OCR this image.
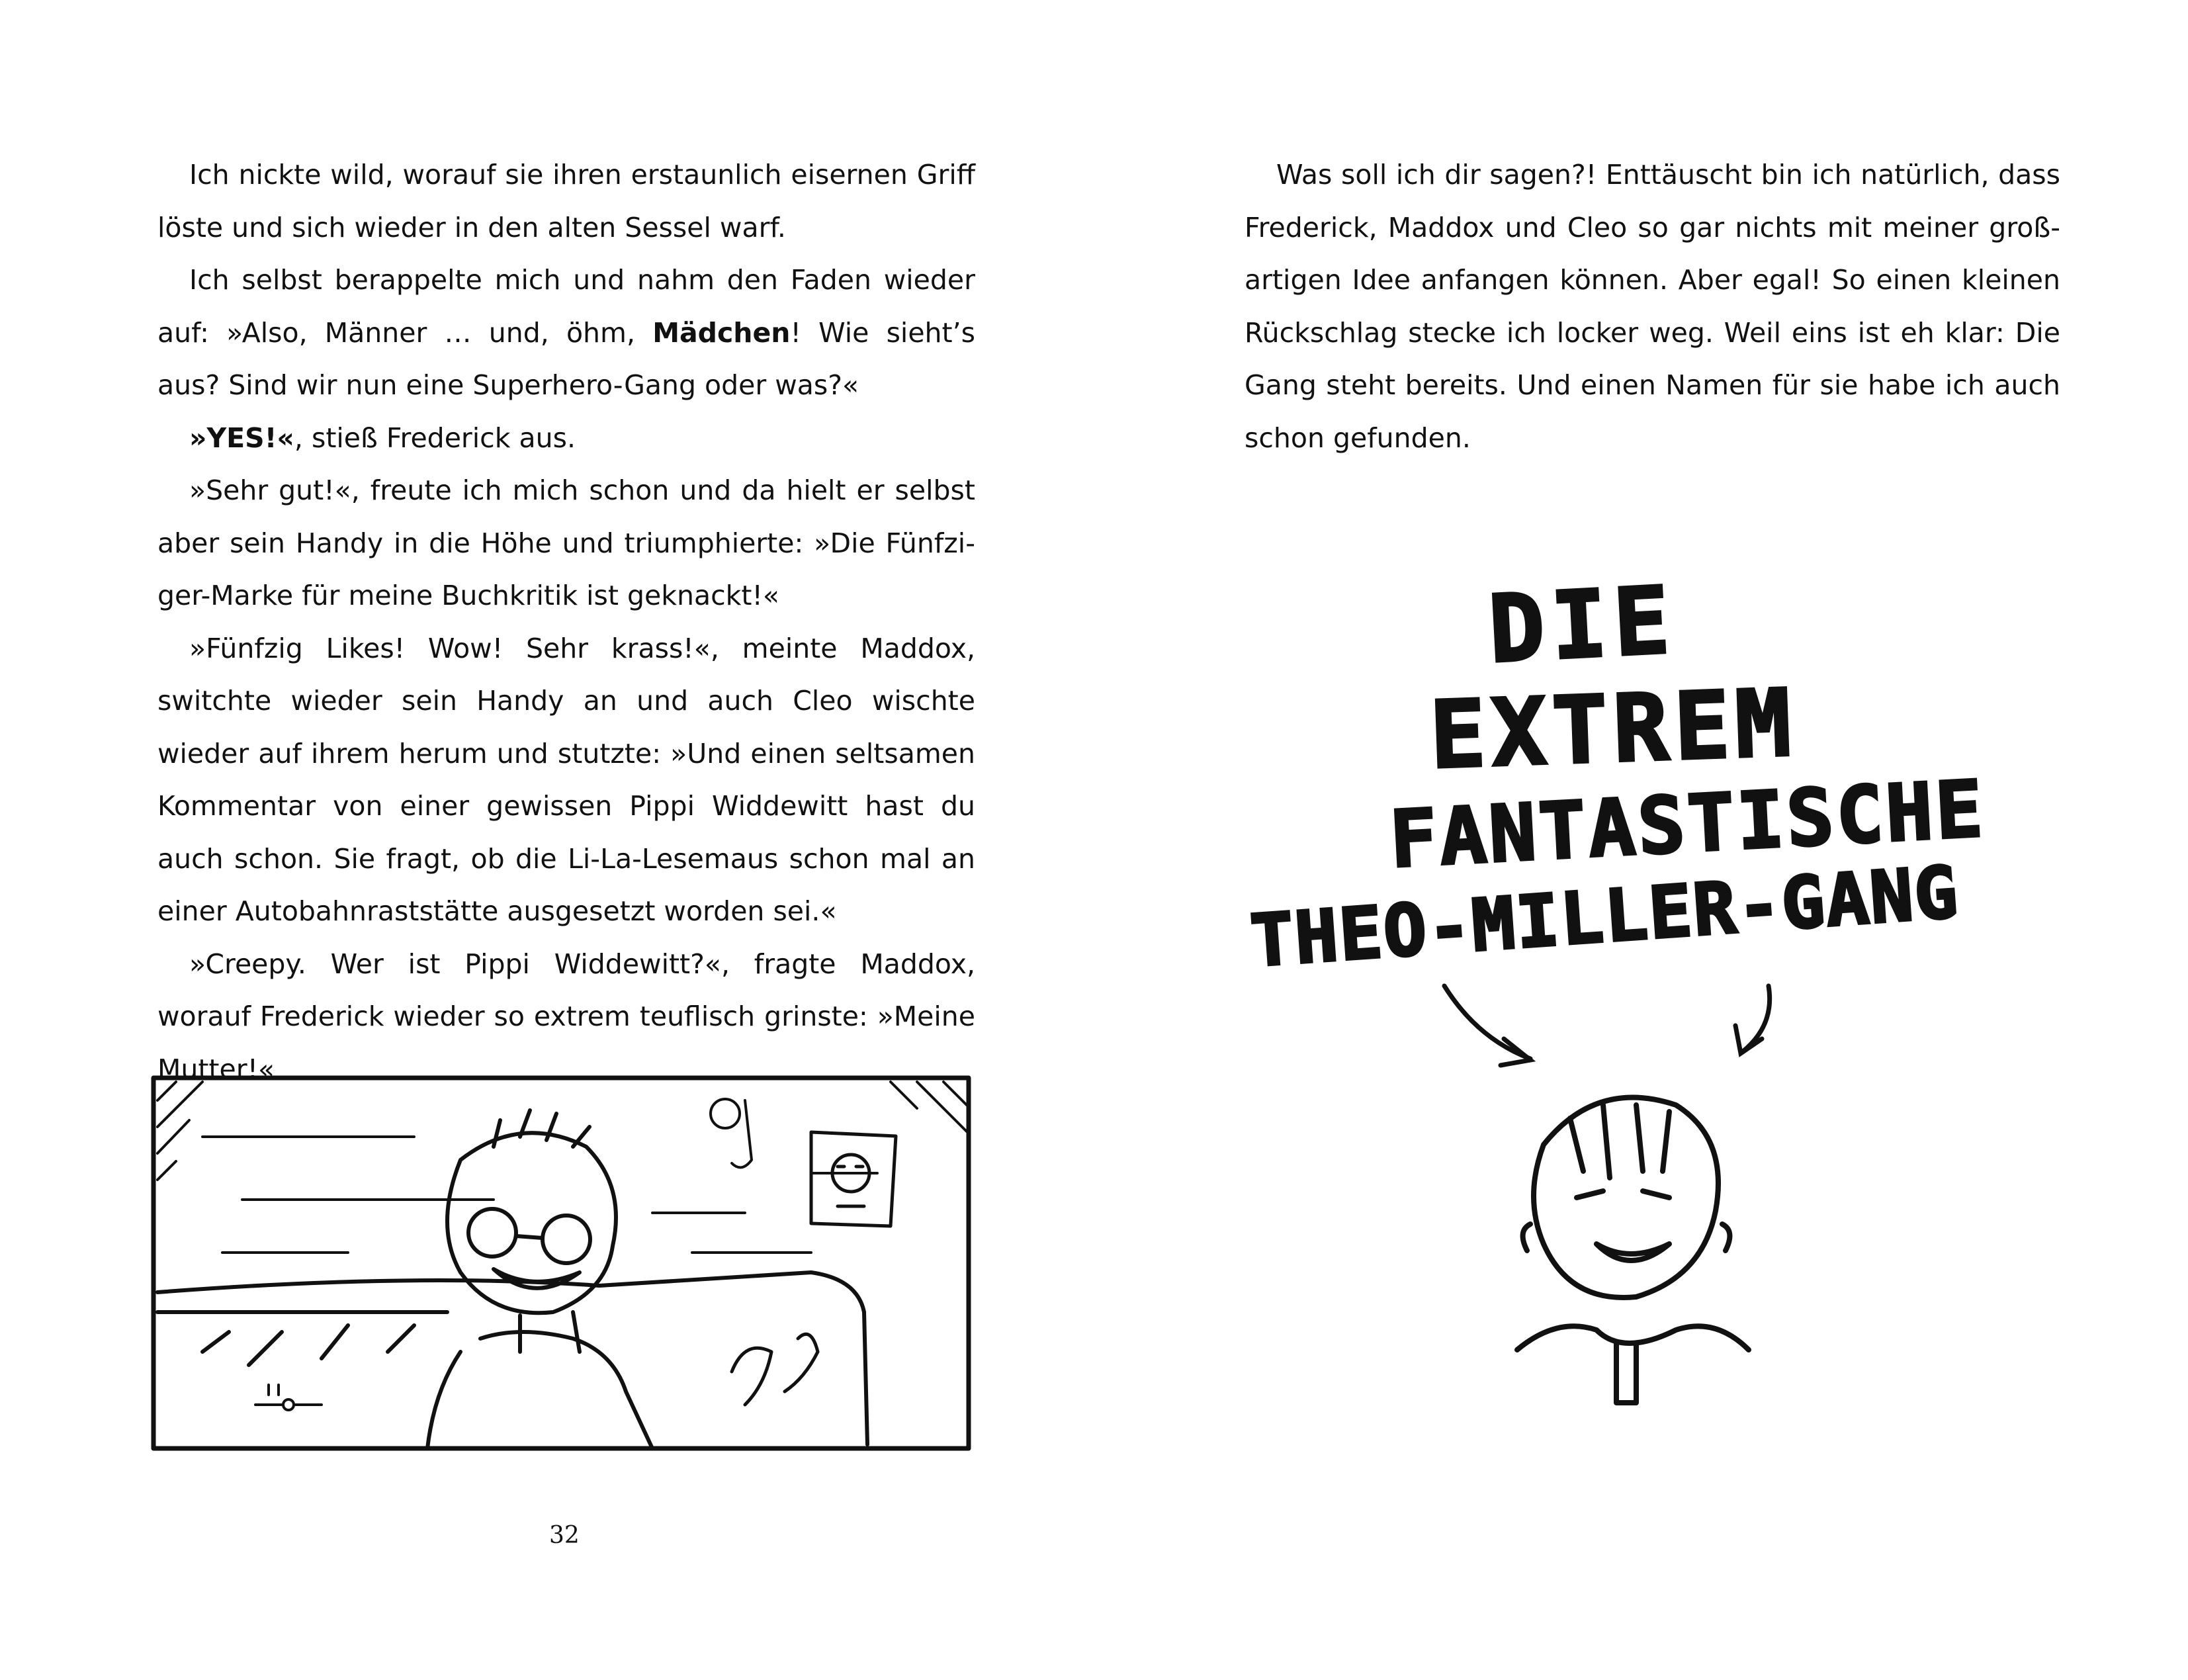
Ich nickte wild, worauf sie ihren erstaunlich eisernen Griff löste und sich wieder in den alten Sessel warf.

Ich selbst berappelte mich und nahm den Faden wieder auf: »Also, Männer … und, öhm, Mädchen! Wie sieht’s aus? Sind wir nun eine Superhero-Gang oder was?«

»YES!«, stieß Frederick aus.

»Sehr gut!«, freute ich mich schon und da hielt er selbst aber sein Handy in die Höhe und triumphierte: »Die Fünfziger-Marke für meine Buchkritik ist geknackt!«

»Fünfzig Likes! Wow! Sehr krass!«, meinte Maddox, switchte wieder sein Handy an und auch Cleo wischte wieder auf ihrem herum und stutzte: »Und einen seltsamen Kommentar von einer gewissen Pippi Widdewitt hast du auch schon. Sie fragt, ob die Li-La-Lesemaus schon mal an einer Autobahnraststätte ausgesetzt worden sei.«

»Creepy. Wer ist Pippi Widdewitt?«, fragte Maddox, worauf Frederick wieder so extrem teuflisch grinste: »Meine Mutter!«

32

Was soll ich dir sagen?! Enttäuscht bin ich natürlich, dass Frederick, Maddox und Cleo so gar nichts mit meiner großartigen Idee anfangen können. Aber egal! So einen kleinen Rückschlag stecke ich locker weg. Weil eins ist eh klar: Die Gang steht bereits. Und einen Namen für sie habe ich auch schon gefunden.

DIE
EXTREM
FANTASTISCHE
THEO-MILLER-GANG
